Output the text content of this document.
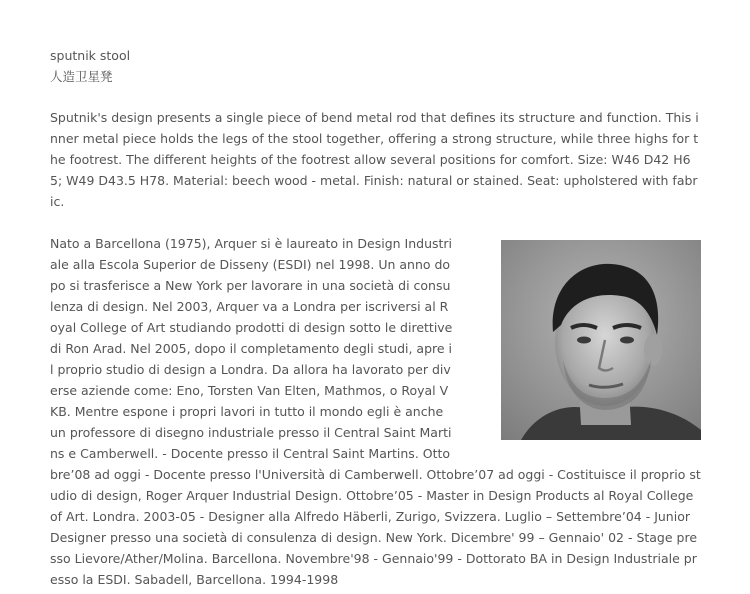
sputnik stool

人造卫星凳

Sputnik's design presents a single piece of bend metal rod that defines its structure and function. This inner metal piece holds the legs of the stool together, offering a strong structure, while three highs for the footrest. The different heights of the footrest allow several positions for comfort. Size: W46 D42 H65; W49 D43.5 H78. Material: beech wood - metal. Finish: natural or stained. Seat: upholstered with fabric.

Nato a Barcellona (1975), Arquer si è laureato in Design Industriale alla Escola Superior de Disseny (ESDI) nel 1998. Un anno dopo si trasferisce a New York per lavorare in una società di consulenza di design. Nel 2003, Arquer va a Londra per iscriversi al Royal College of Art studiando prodotti di design sotto le direttive di Ron Arad. Nel 2005, dopo il completamento degli studi, apre il proprio studio di design a Londra. Da allora ha lavorato per diverse aziende come: Eno, Torsten Van Elten, Mathmos, o Royal VKB. Mentre espone i propri lavori in tutto il mondo egli è anche un professore di disegno industriale presso il Central Saint Martins e Camberwell. - Docente presso il Central Saint Martins. Ottobre’08 ad oggi - Docente presso l'Università di Camberwell. Ottobre’07 ad oggi - Costituisce il proprio studio di design, Roger Arquer Industrial Design. Ottobre’05 - Master in Design Products al Royal College of Art. Londra. 2003-05 - Designer alla Alfredo Häberli, Zurigo, Svizzera. Luglio – Settembre’04 - Junior Designer presso una società di consulenza di design. New York. Dicembre' 99 – Gennaio' 02 - Stage presso Lievore/Ather/Molina. Barcellona. Novembre'98 - Gennaio'99 - Dottorato BA in Design Industriale presso la ESDI. Sabadell, Barcellona. 1994-1998
